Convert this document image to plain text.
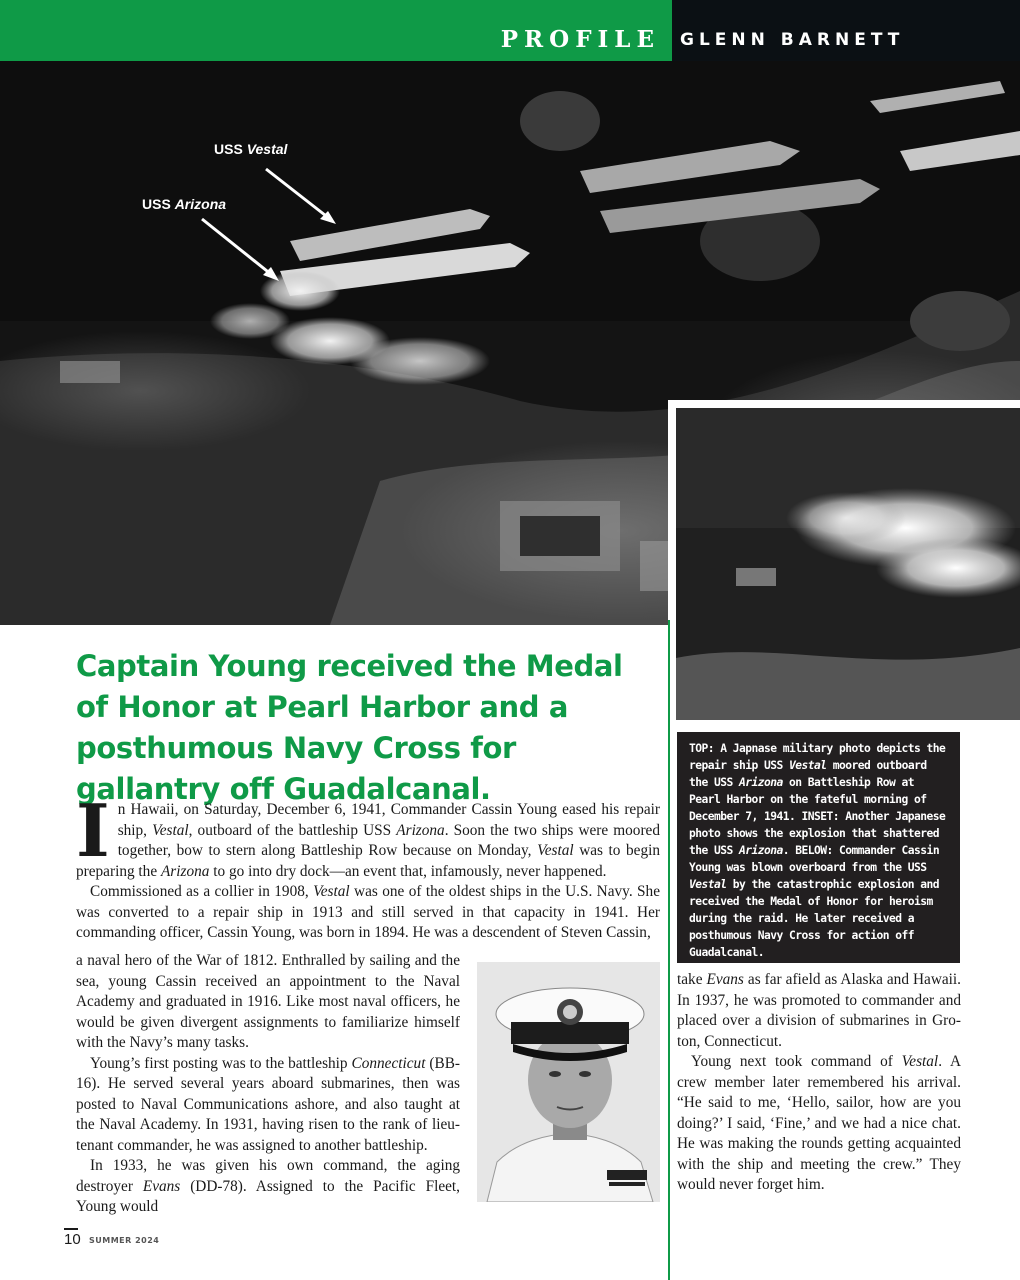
PROFILE GLENN BARNETT
USS Vestal
USS Arizona
Captain Young received the Medal of Honor at Pearl Harbor and a posthumous Navy Cross for gallantry off Guadalcanal.
TOP: A Japnase military photo depicts the repair ship USS Vestal moored outboard the USS Arizona on Battleship Row at Pearl Harbor on the fateful morning of December 7, 1941. INSET: Another Japanese photo shows the explosion that shattered the USS Arizona. BELOW: Commander Cassin Young was blown overboard from the USS Vestal by the catastrophic explosion and received the Medal of Honor for heroism during the raid. He later received a posthumous Navy Cross for action off Guadalcanal.

In Hawaii, on Saturday, December 6, 1941, Commander Cassin Young eased his repair ship, Vestal, outboard of the battleship USS Arizona. Soon the two ships were moored together, bow to stern along Battleship Row because on Monday, Vestal was to begin preparing the Arizona to go into dry dock—an event that, infamously, never happened.

Commissioned as a collier in 1908, Vestal was one of the oldest ships in the U.S. Navy. She was converted to a repair ship in 1913 and still served in that capacity in 1941. Her commanding officer, Cassin Young, was born in 1894. He was a descendent of Steven Cassin,

a naval hero of the War of 1812. Enthralled by sailing and the sea, young Cassin received an appointment to the Naval Academy and graduated in 1916. Like most naval officers, he would be given divergent assignments to familiarize himself with the Navy’s many tasks.

Young’s first posting was to the battleship Connecticut (BB-16). He served several years aboard submarines, then was posted to Naval Communications ashore, and also taught at the Naval Academy. In 1931, having risen to the rank of lieutenant commander, he was assigned to another battleship.

In 1933, he was given his own command, the aging destroyer Evans (DD-78). Assigned to the Pacific Fleet, Young would

take Evans as far afield as Alaska and Hawaii. In 1937, he was promoted to commander and placed over a division of submarines in Groton, Connecticut.

Young next took command of Vestal. A crew member later remembered his arrival. “He said to me, ‘Hello, sailor, how are you doing?’ I said, ‘Fine,’ and we had a nice chat. He was making the rounds getting acquainted with the ship and meeting the crew.” They would never forget him.

10 SUMMER 2024
